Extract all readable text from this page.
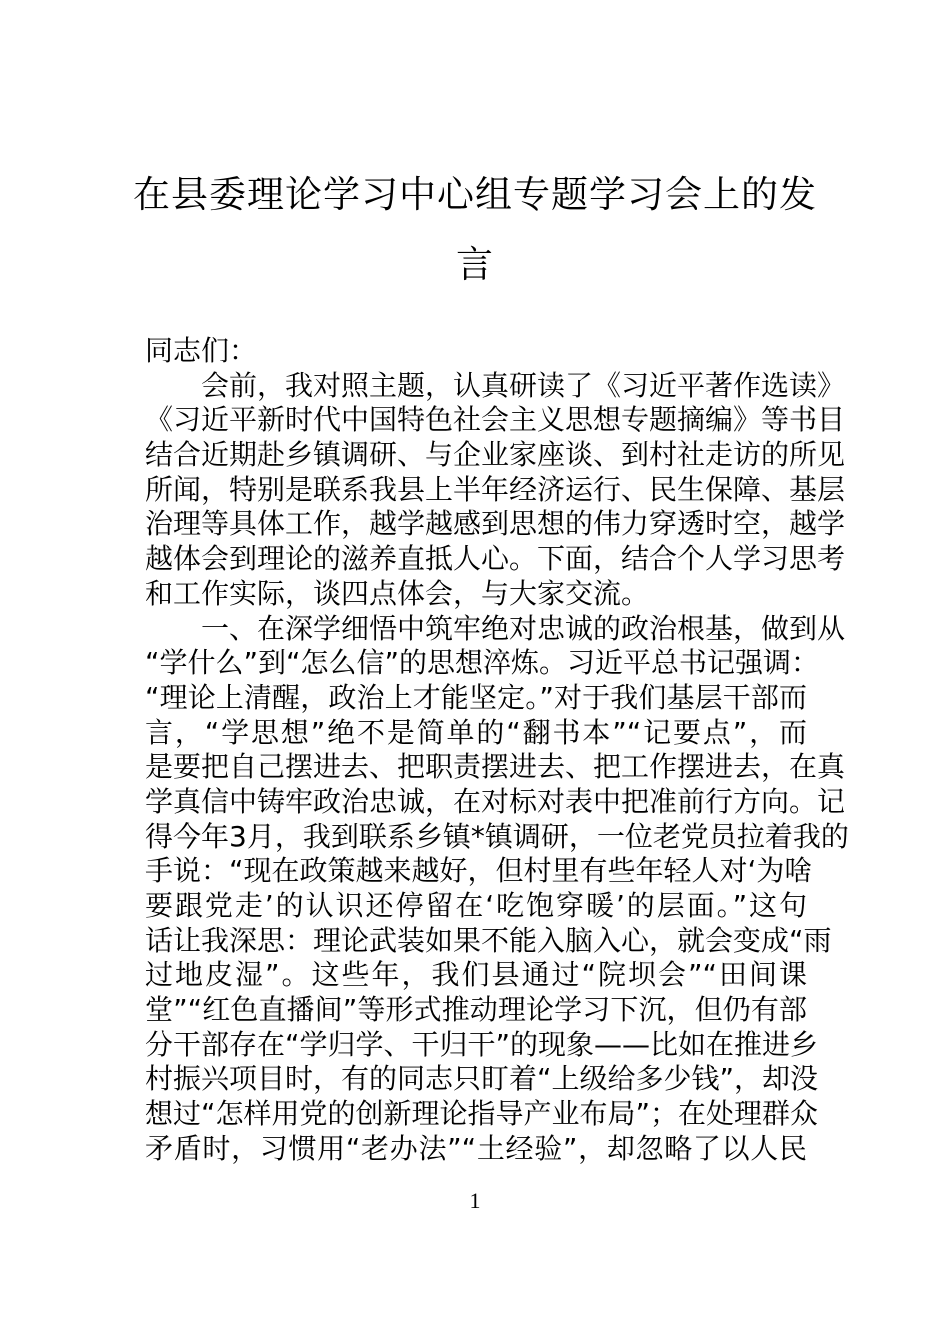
在县委理论学习中心组专题学习会上的发
言
同志们：
会前，我对照主题，认真研读了《习近平著作选读》
《习近平新时代中国特色社会主义思想专题摘编》等书目
结合近期赴乡镇调研、与企业家座谈、到村社走访的所见
所闻，特别是联系我县上半年经济运行、民生保障、基层
治理等具体工作，越学越感到思想的伟力穿透时空，越学
越体会到理论的滋养直抵人心。下面，结合个人学习思考
和工作实际，谈四点体会，与大家交流。
一、在深学细悟中筑牢绝对忠诚的政治根基，做到从
“学什么”到“怎么信”的思想淬炼。习近平总书记强调：
“理论上清醒，政治上才能坚定。”对于我们基层干部而
言，“学思想”绝不是简单的“翻书本”“记要点”，而
是要把自己摆进去、把职责摆进去、把工作摆进去，在真
学真信中铸牢政治忠诚，在对标对表中把准前行方向。记
得今年3月，我到联系乡镇*镇调研，一位老党员拉着我的
手说：“现在政策越来越好，但村里有些年轻人对‘为啥
要跟党走’的认识还停留在‘吃饱穿暖’的层面。”这句
话让我深思：理论武装如果不能入脑入心，就会变成“雨
过地皮湿”。这些年，我们县通过“院坝会”“田间课
堂”“红色直播间”等形式推动理论学习下沉，但仍有部
分干部存在“学归学、干归干”的现象——比如在推进乡
村振兴项目时，有的同志只盯着“上级给多少钱”，却没
想过“怎样用党的创新理论指导产业布局”；在处理群众
矛盾时，习惯用“老办法”“土经验”，却忽略了以人民
1
